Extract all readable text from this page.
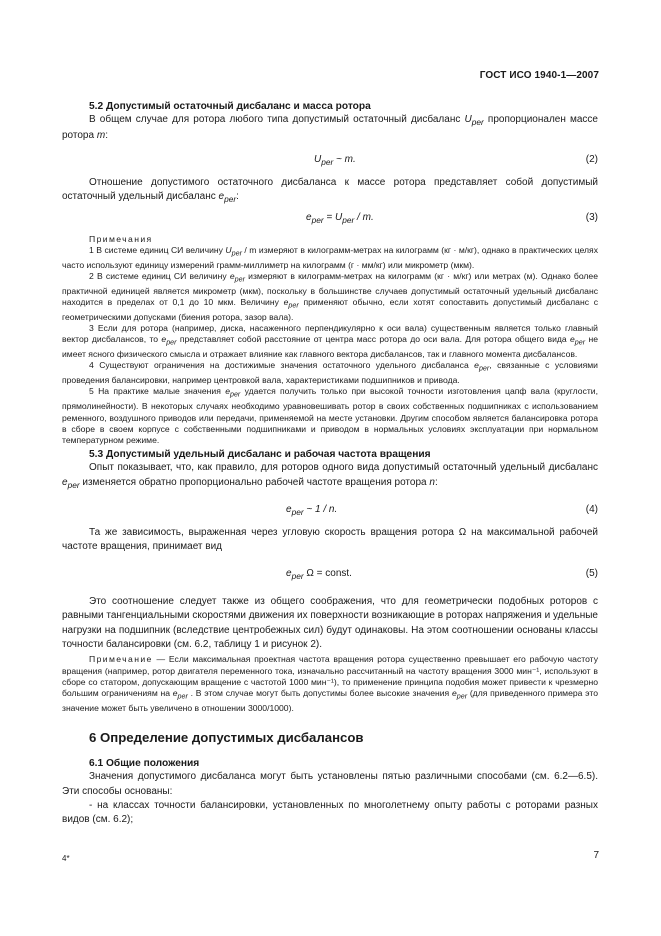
ГОСТ ИСО 1940-1—2007
5.2 Допустимый остаточный дисбаланс и масса ротора

В общем случае для ротора любого типа допустимый остаточный дисбаланс $U_{per}$ пропорционален массе ротора m:

$U_{per}$ ~ m.	(2)

Отношение допустимого остаточного дисбаланса к массе ротора представляет собой допустимый остаточный удельный дисбаланс $e_{per}$:

$e_{per} = U_{per} / m$.	(3)
Примечания

1 В системе единиц СИ величину $U_{per}$ / m измеряют в килограмм-метрах на килограмм (кг · м/кг), однако в практических целях часто используют единицу измерений грамм-миллиметр на килограмм (г · мм/кг) или микрометр (мкм).

2 В системе единиц СИ величину $e_{per}$ измеряют в килограмм-метрах на килограмм (кг · м/кг) или метрах (м). Однако более практичной единицей является микрометр (мкм), поскольку в большинстве случаев допустимый остаточный удельный дисбаланс находится в пределах от 0,1 до 10 мкм. Величину $e_{per}$ применяют обычно, если хотят сопоставить допустимый дисбаланс с геометрическими допусками (биения ротора, зазор вала).

3 Если для ротора (например, диска, насаженного перпендикулярно к оси вала) существенным является только главный вектор дисбалансов, то $e_{per}$ представляет собой расстояние от центра масс ротора до оси вала. Для ротора общего вида $e_{per}$ не имеет ясного физического смысла и отражает влияние как главного вектора дисбалансов, так и главного момента дисбалансов.

4 Существуют ограничения на достижимые значения остаточного удельного дисбаланса $e_{per}$, связанные с условиями проведения балансировки, например центровкой вала, характеристиками подшипников и привода.

5 На практике малые значения $e_{per}$ удается получить только при высокой точности изготовления цапф вала (круглости, прямолинейности). В некоторых случаях необходимо уравновешивать ротор в своих собственных подшипниках с использованием ременного, воздушного приводов или передачи, применяемой на месте установки. Другим способом является балансировка ротора в сборе в своем корпусе с собственными подшипниками и приводом в нормальных условиях эксплуатации при нормальном температурном режиме.

5.3 Допустимый удельный дисбаланс и рабочая частота вращения

Опыт показывает, что, как правило, для роторов одного вида допустимый остаточный удельный дисбаланс $e_{per}$ изменяется обратно пропорционально рабочей частоте вращения ротора n:

$e_{per}$ ~ 1 / n.	(4)

Та же зависимость, выраженная через угловую скорость вращения ротора Ω на максимальной рабочей частоте вращения, принимает вид

$e_{per}$ Ω = const.	(5)

Это соотношение следует также из общего соображения, что для геометрически подобных роторов с равными тангенциальными скоростями движения их поверхности возникающие в роторах напряжения и удельные нагрузки на подшипник (вследствие центробежных сил) будут одинаковы. На этом соотношении основаны классы точности балансировки (см. 6.2, таблицу 1 и рисунок 2).

Примечание — Если максимальная проектная частота вращения ротора существенно превышает его рабочую частоту вращения (например, ротор двигателя переменного тока, изначально рассчитанный на частоту вращения 3000 мин⁻¹, используют в сборе со статором, допускающим вращение с частотой 1000 мин⁻¹), то применение принципа подобия может привести к чрезмерно большим ограничениям на $e_{per}$ . В этом случае могут быть допустимы более высокие значения $e_{per}$ (для приведенного примера это значение может быть увеличено в отношении 3000/1000).

6 Определение допустимых дисбалансов
6.1 Общие положения

Значения допустимого дисбаланса могут быть установлены пятью различными способами (см. 6.2—6.5). Эти способы основаны:

- на классах точности балансировки, установленных по многолетнему опыту работы с роторами разных видов (см. 6.2);

4*	7
